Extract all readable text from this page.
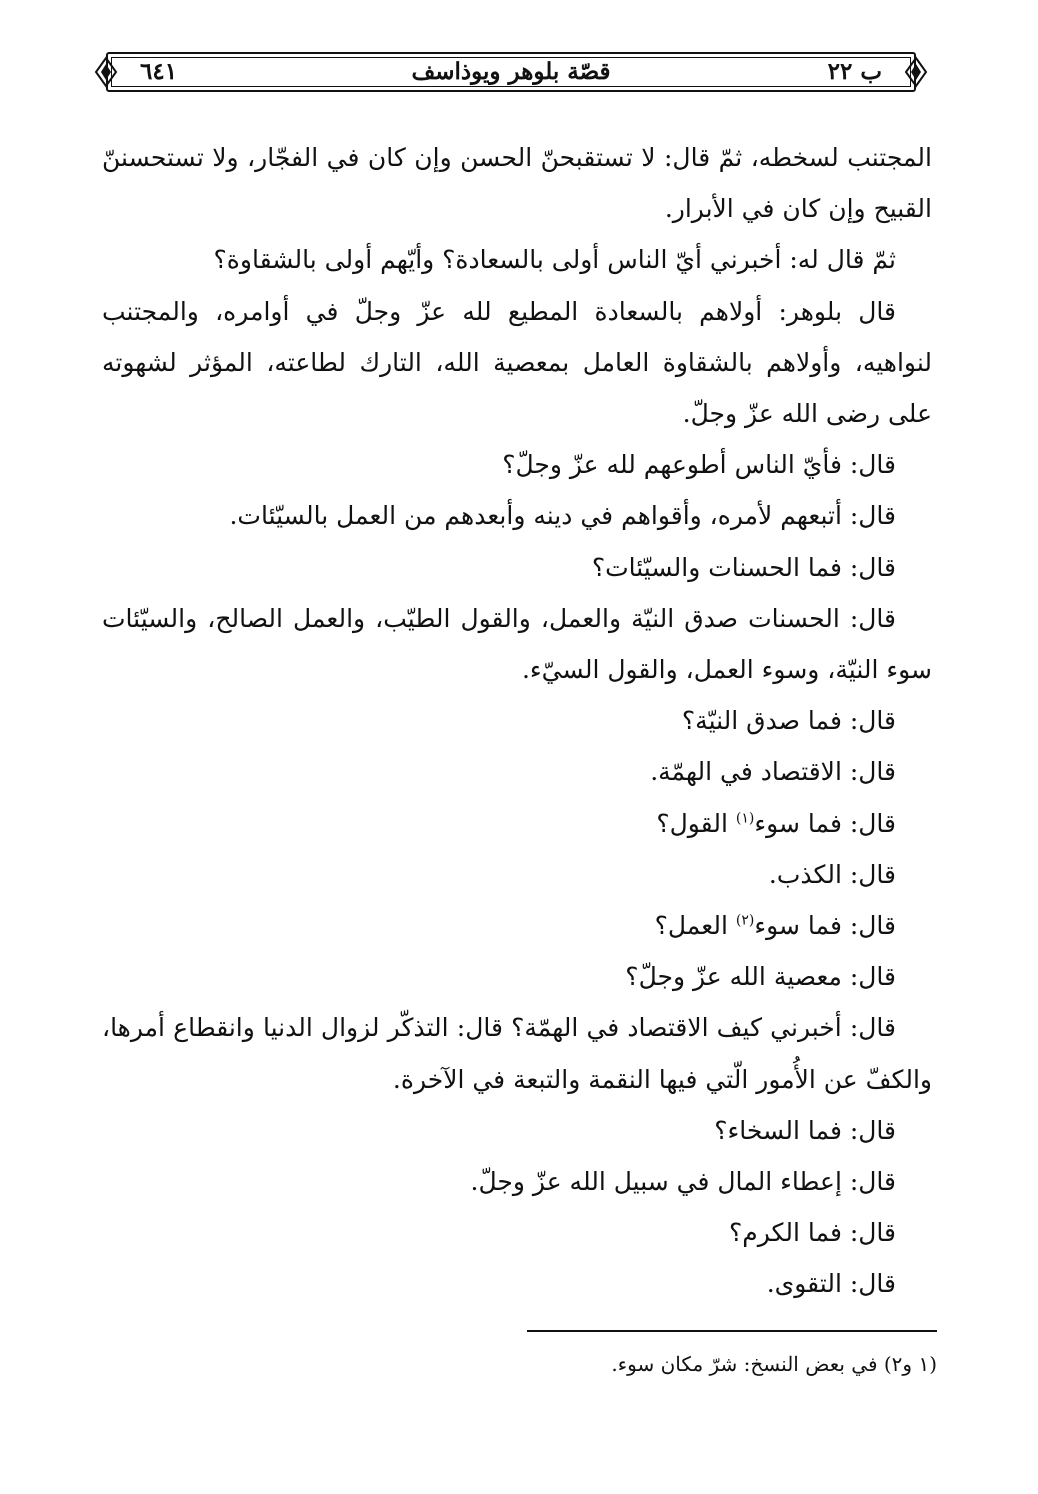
ب ٢٢
قصّة بلوهر ويوذاسف
٦٤١

المجتنب لسخطه، ثمّ قال: لا تستقبحنّ الحسن وإن كان في الفجّار، ولا تستحسننّ القبيح وإن كان في الأبرار.

ثمّ قال له: أخبرني أيّ الناس أولى بالسعادة؟ وأيّهم أولى بالشقاوة؟

قال بلوهر: أولاهم بالسعادة المطيع لله عزّ وجلّ في أوامره، والمجتنب لنواهيه، وأولاهم بالشقاوة العامل بمعصية الله، التارك لطاعته، المؤثر لشهوته على رضى الله عزّ وجلّ.

قال: فأيّ الناس أطوعهم لله عزّ وجلّ؟

قال: أتبعهم لأمره، وأقواهم في دينه وأبعدهم من العمل بالسيّئات.

قال: فما الحسنات والسيّئات؟

قال: الحسنات صدق النيّة والعمل، والقول الطيّب، والعمل الصالح، والسيّئات سوء النيّة، وسوء العمل، والقول السيّء.

قال: فما صدق النيّة؟

قال: الاقتصاد في الهمّة.

قال: فما سوء$^{(١)}$ القول؟

قال: الكذب.

قال: فما سوء$^{(٢)}$ العمل؟

قال: معصية الله عزّ وجلّ؟

قال: أخبرني كيف الاقتصاد في الهمّة؟ قال: التذكّر لزوال الدنيا وانقطاع أمرها، والكفّ عن الأُمور الّتي فيها النقمة والتبعة في الآخرة.

قال: فما السخاء؟

قال: إعطاء المال في سبيل الله عزّ وجلّ.

قال: فما الكرم؟

قال: التقوى.

(١ و٢) في بعض النسخ: شرّ مكان سوء.
